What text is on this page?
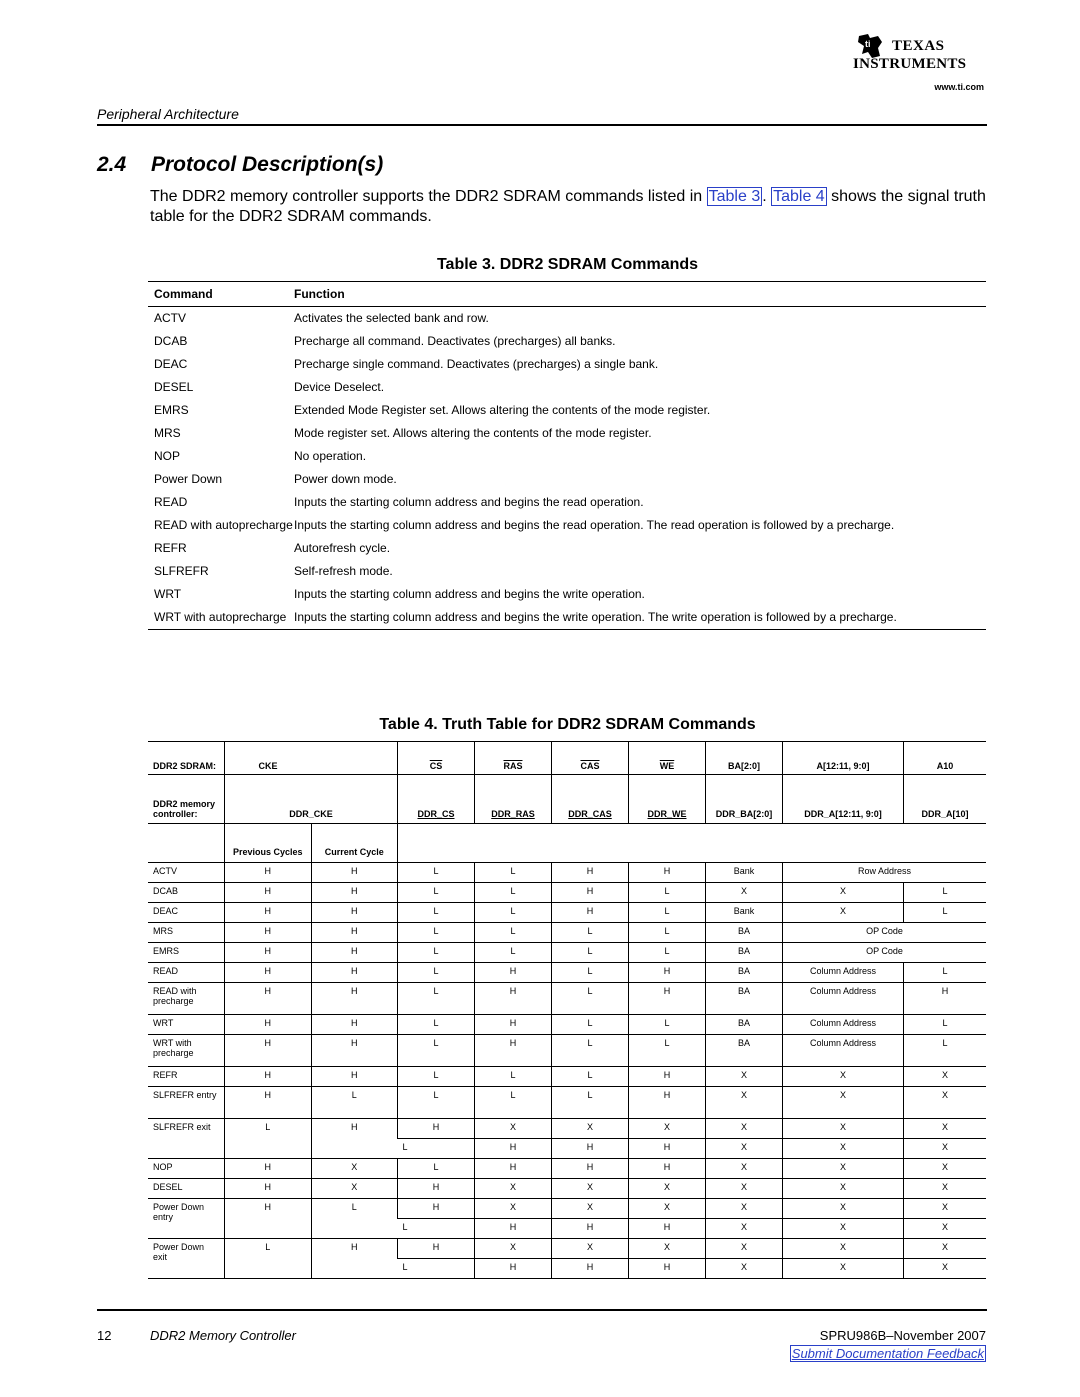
ti TEXAS
INSTRUMENTS
www.ti.com
Peripheral Architecture
2.4 Protocol Description(s)
The DDR2 memory controller supports the DDR2 SDRAM commands listed in Table 3 . Table 4 shows the signal truth table for the DDR2 SDRAM commands.
Table 3. DDR2 SDRAM Commands
Command	Function
ACTV	Activates the selected bank and row.
DCAB	Precharge all command. Deactivates (precharges) all banks.
DEAC	Precharge single command. Deactivates (precharges) a single bank.
DESEL	Device Deselect.
EMRS	Extended Mode Register set. Allows altering the contents of the mode register.
MRS	Mode register set. Allows altering the contents of the mode register.
NOP	No operation.
Power Down	Power down mode.
READ	Inputs the starting column address and begins the read operation.
READ with autoprecharge Inputs the starting column address and begins the read operation. The read operation is followed by a precharge.
REFR	Autorefresh cycle.
SLFREFR	Self-refresh mode.
WRT	Inputs the starting column address and begins the write operation.
WRT with autoprecharge Inputs the starting column address and begins the write operation. The write operation is followed by a precharge.
Table 4. Truth Table for DDR2 SDRAM Commands
DDR2 SDRAM:	CKE		$\overline{CS}$	$\overline{RAS}$	$\overline{CAS}$	$\overline{WE}$	BA[2:0]	A[12:11, 9:0]	A10
DDR2 memory controller:	DDR_CKE		DDR_CS	DDR_RAS	DDR_CAS	DDR_WE	DDR_BA[2:0]	DDR_A[12:11, 9:0]	DDR_A[10]
	Previous Cycles	Current Cycle							
ACTV	H	H	L	L	H	H	Bank	Row Address	
DCAB	H	H	L	L	H	L	X	X	L
DEAC	H	H	L	L	H	L	Bank	X	L
MRS	H	H	L	L	L	L	BA	OP Code	
EMRS	H	H	L	L	L	L	BA	OP Code	
READ	H	H	L	H	L	H	BA	Column Address	L
READ with precharge	H	H	L	H	L	H	BA	Column Address	H
WRT	H	H	L	H	L	L	BA	Column Address	L
WRT with precharge	H	H	L	H	L	L	BA	Column Address	L
REFR	H	H	L	L	L	H	X	X	X
SLFREFR entry	H	L	L	L	L	H	X	X	X
SLFREFR exit	L	H	H	X	X	X	X	X	X
			L	H	H	H	X	X	X
NOP	H	X	L	H	H	H	X	X	X
DESEL	H	X	H	X	X	X	X	X	X
Power Down entry	H	L	H	X	X	X	X	X	X
			L	H	H	H	X	X	X
Power Down exit	L	H	H	X	X	X	X	X	X
			L	H	H	H	X	X	X
12	DDR2 Memory Controller	SPRU986B–November 2007
Submit Documentation Feedback
